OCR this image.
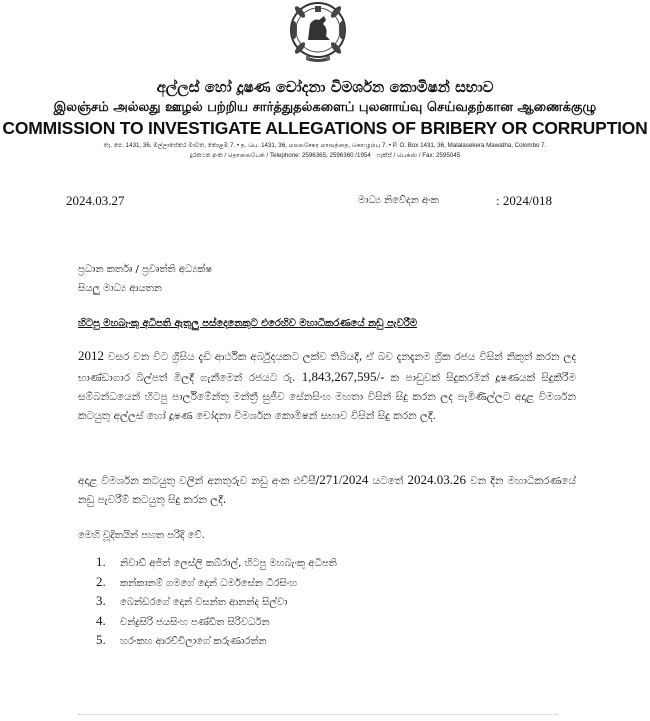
අල්ලස් හෝ දූෂණ චෝදනා විමර්ශන කොමිෂන් සභාව
இலஞ்சம் அல்லது ஊழல் பற்றிய சார்த்துதல்களைப் புலனாய்வு செய்வதற்கான ஆணைக்குழு
COMMISSION TO INVESTIGATE ALLEGATIONS OF BRIBERY OR CORRUPTION
තැ. පෙ. 1431, 36, මල්ලාසේකර මාවත, කොළඹ 7. • த. பெ. 1431, 36, மலலசேகர மாவத்தை, கொழும்பு 7. • P. O. Box 1431, 36, Malalasekera Mawatha, Colombo 7.
දුරකථන අංක / தொலைபேசி / Telephone: 2596365, 2596360 /1954 ෆැක්ස් / பெக்ஸ் / Fax: 2595045
2024.03.27	මාධ්‍ය නිවේදන අංක	: 2024/018
ප්‍රධාන කර්තෘ / ප්‍රවෘත්ති අධ්‍යක්ෂ
සියලු මාධ්‍ය ආයතන
හිටපු මහබැංකු අධිපති ඇතුලු පස්දෙනෙකුට එරෙහිව මහාධිකරණයේ නඩු පැවරීම
2012 වසර වන විට ග්‍රීසිය දැඩි ආර්ථික අර්බුදයකට ලක්ව තිබියදී, ඒ බව දැනදැනම ග්‍රීක රජය විසින් නිකුත් කරන ලද භාණ්ඩාගාර බිල්පත් මිලදී ගැනීමෙන් රජයට රු. 1,843,267,595/- ක පාඩුවක් සිදුකරමින් දූෂණයක් සිදුකිරීම සම්බන්ධයෙන් හිටපු පාර්ලිමේන්තු මන්ත්‍රී සුජීව සේනසිංහ මහතා විසින් සිදු කරන ලද පැමිණිල්ලට අදාළ විමර්ශන කටයුතු අල්ලස් හෝ දූෂණ චෝදනා විමර්ශන කොමිෂන් සභාව විසින් සිදු කරන ලදී.
අදාළ විමර්ශන කටයුතු වලින් අනතුරුව නඩු අංක එච්සී/271/2024 යටතේ 2024.03.26 වන දින මහාධිකරණයේ නඩු පැවරීම් කටයුතු සිදු කරන ලදී.
මෙහි චූදිතයින් පහත පරිදි වේ.
1. නිවාඩ් අජිත් ලෙස්ලි කබ්රාල්, හිටපු මහබැංකු අධිපති
2. කන්කානම් ගමගේ දොන් ධර්මසේන ධීරසිංහ
3. බෙන්ඩරගේ දොන් වසන්ත ආනන්ද සිල්වා
4. චන්ද්‍රසිරි ජයසිංහ පණ්ඩිත සිරිවර්ධන
5. හරංකහ ආරච්චිලාගේ කරුණාරත්න
